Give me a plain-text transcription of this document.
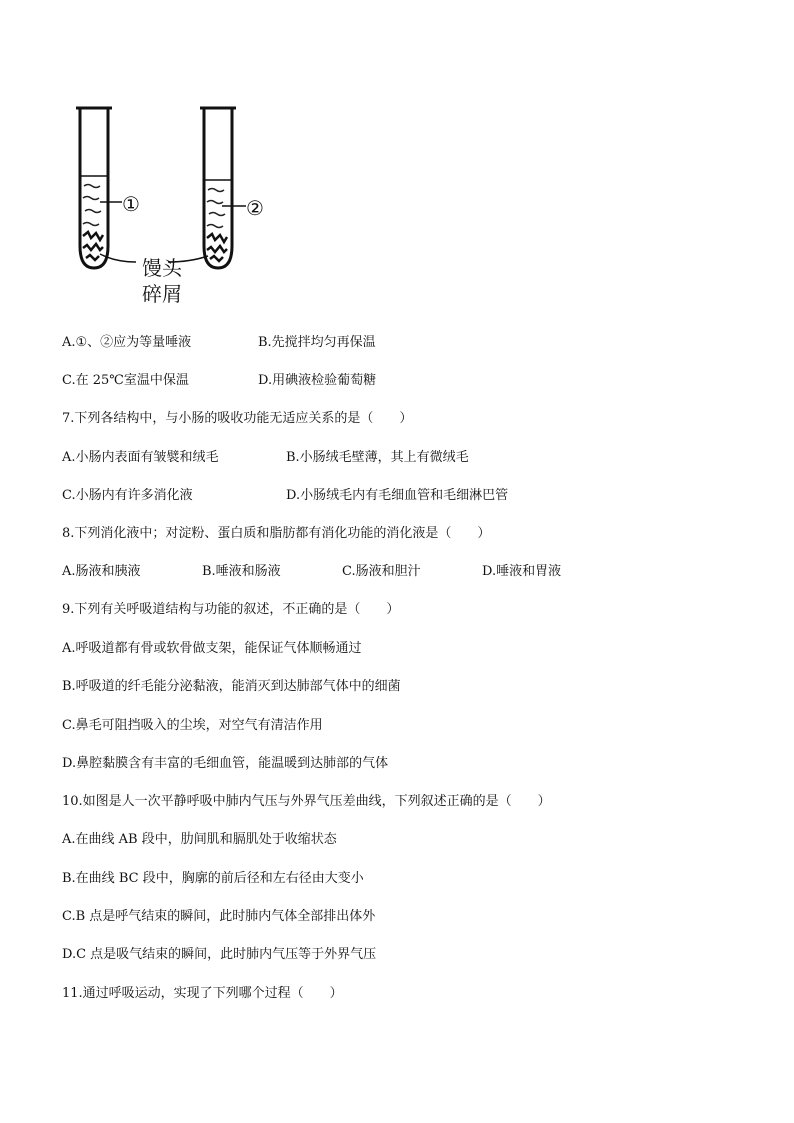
①	②
馒头
碎屑
A.①、②应为等量唾液	B.先搅拌均匀再保温
C.在 25℃室温中保温	D.用碘液检验葡萄糖
7.下列各结构中，与小肠的吸收功能无适应关系的是（　　）
A.小肠内表面有皱襞和绒毛	B.小肠绒毛壁薄，其上有微绒毛
C.小肠内有许多消化液	D.小肠绒毛内有毛细血管和毛细淋巴管
8.下列消化液中；对淀粉、蛋白质和脂肪都有消化功能的消化液是（　　）
A.肠液和胰液	B.唾液和肠液	C.肠液和胆汁	D.唾液和胃液
9.下列有关呼吸道结构与功能的叙述，不正确的是（　　）
A.呼吸道都有骨或软骨做支架，能保证气体顺畅通过
B.呼吸道的纤毛能分泌黏液，能消灭到达肺部气体中的细菌
C.鼻毛可阻挡吸入的尘埃，对空气有清洁作用
D.鼻腔黏膜含有丰富的毛细血管，能温暖到达肺部的气体
10.如图是人一次平静呼吸中肺内气压与外界气压差曲线，下列叙述正确的是（　　）
A.在曲线 AB 段中，肋间肌和膈肌处于收缩状态
B.在曲线 BC 段中，胸廓的前后径和左右径由大变小
C.B 点是呼气结束的瞬间，此时肺内气体全部排出体外
D.C 点是吸气结束的瞬间，此时肺内气压等于外界气压
11.通过呼吸运动，实现了下列哪个过程（　　）
